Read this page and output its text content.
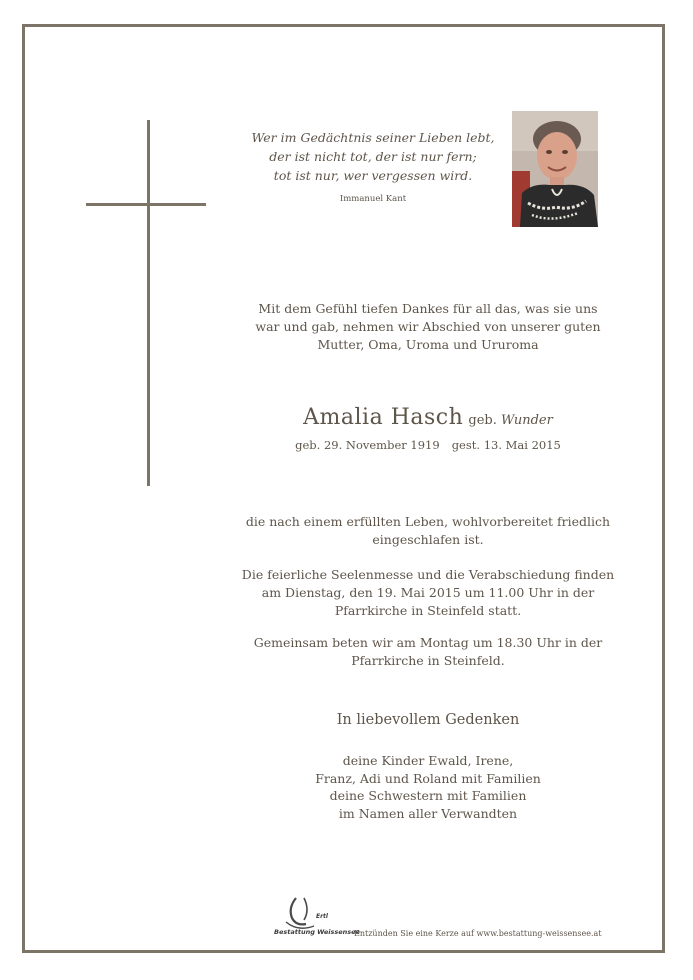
Wer im Gedächtnis seiner Lieben lebt,
der ist nicht tot, der ist nur fern;
tot ist nur, wer vergessen wird.
Immanuel Kant
Mit dem Gefühl tiefen Dankes für all das, was sie uns
war und gab, nehmen wir Abschied von unserer guten
Mutter, Oma, Uroma und Ururoma
Amalia Hasch geb. Wunder
geb. 29. November 1919 gest. 13. Mai 2015
die nach einem erfüllten Leben, wohlvorbereitet friedlich
eingeschlafen ist.
Die feierliche Seelenmesse und die Verabschiedung finden
am Dienstag, den 19. Mai 2015 um 11.00 Uhr in der
Pfarrkirche in Steinfeld statt.
Gemeinsam beten wir am Montag um 18.30 Uhr in der
Pfarrkirche in Steinfeld.
In liebevollem Gedenken
deine Kinder Ewald, Irene,
Franz, Adi und Roland mit Familien
deine Schwestern mit Familien
im Namen aller Verwandten
Ertl
Bestattung Weissensee
Entzünden Sie eine Kerze auf www.bestattung-weissensee.at
